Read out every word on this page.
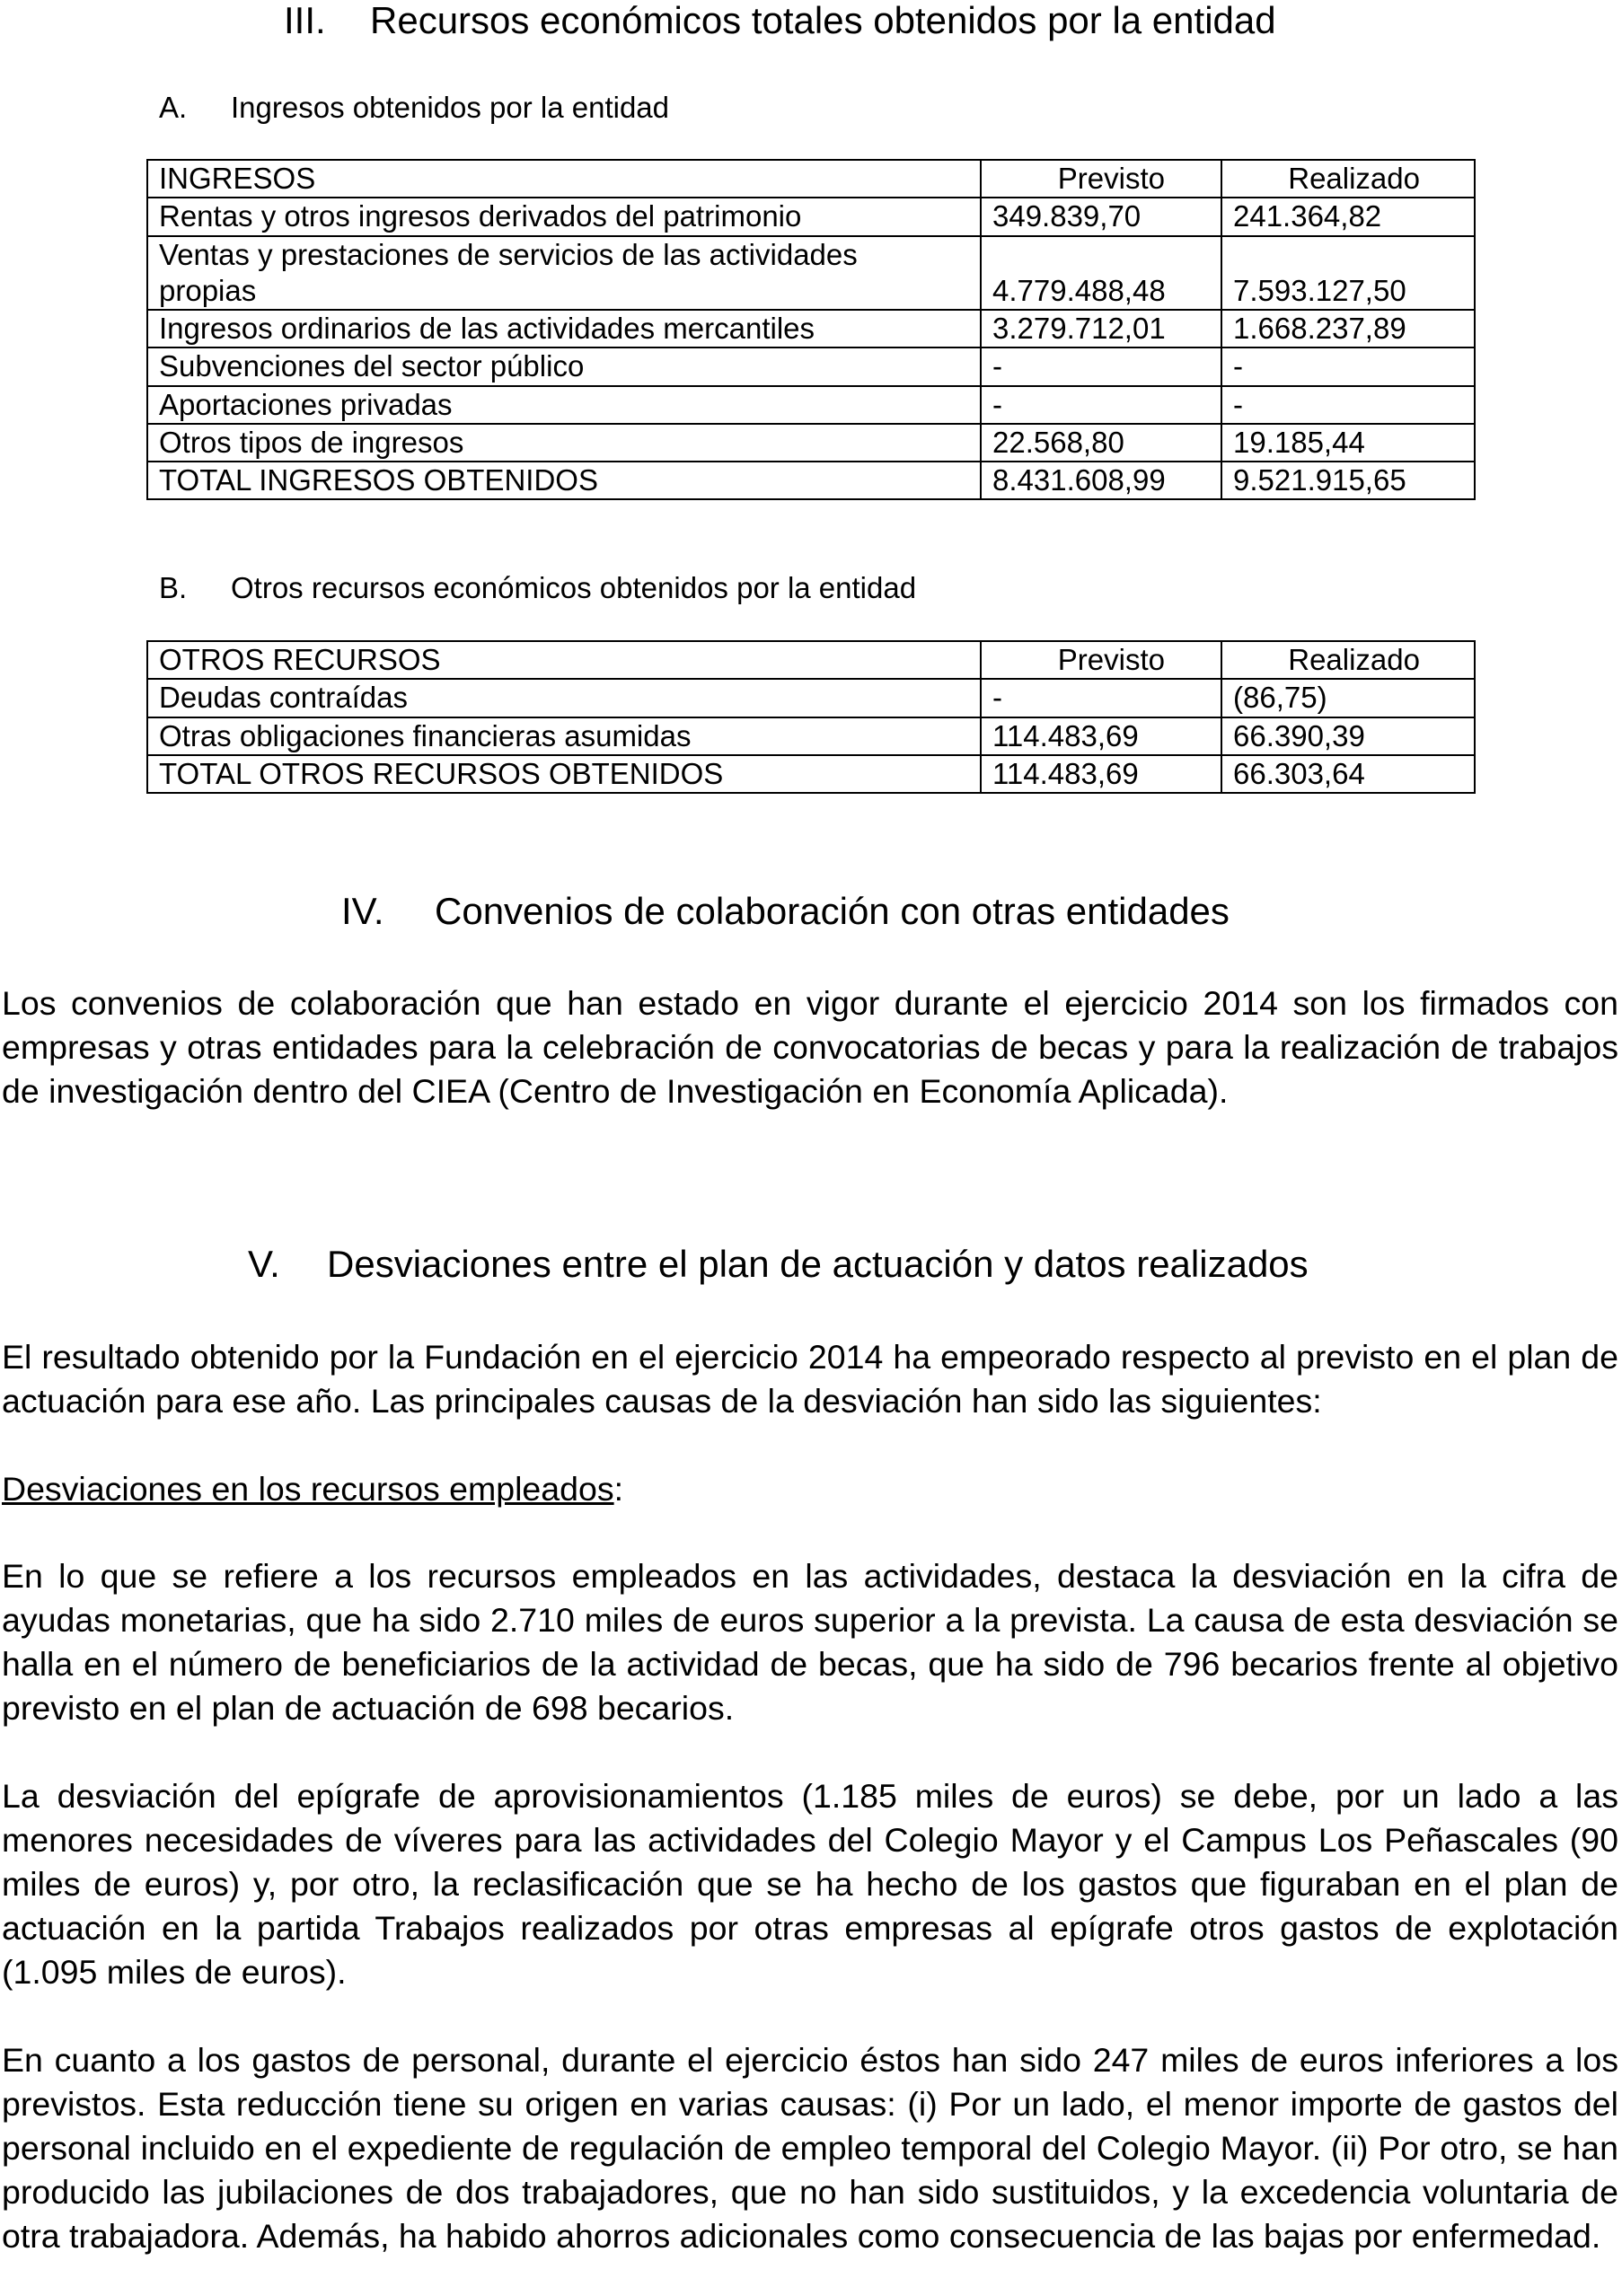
III. Recursos económicos totales obtenidos por la entidad
A. Ingresos obtenidos por la entidad
INGRESOS	Previsto	Realizado
Rentas y otros ingresos derivados del patrimonio	349.839,70	241.364,82
Ventas y prestaciones de servicios de las actividades propias	4.779.488,48	7.593.127,50
Ingresos ordinarios de las actividades mercantiles	3.279.712,01	1.668.237,89
Subvenciones del sector público	-	-
Aportaciones privadas	-	-
Otros tipos de ingresos	22.568,80	19.185,44
TOTAL INGRESOS OBTENIDOS	8.431.608,99	9.521.915,65
B. Otros recursos económicos obtenidos por la entidad
OTROS RECURSOS	Previsto	Realizado
Deudas contraídas	-	(86,75)
Otras obligaciones financieras asumidas	114.483,69	66.390,39
TOTAL OTROS RECURSOS OBTENIDOS	114.483,69	66.303,64
IV. Convenios de colaboración con otras entidades
Los convenios de colaboración que han estado en vigor durante el ejercicio 2014 son los firmados con empresas y otras entidades para la celebración de convocatorias de becas y para la realización de trabajos de investigación dentro del CIEA (Centro de Investigación en Economía Aplicada).
V. Desviaciones entre el plan de actuación y datos realizados
El resultado obtenido por la Fundación en el ejercicio 2014 ha empeorado respecto al previsto en el plan de actuación para ese año. Las principales causas de la desviación han sido las siguientes:
Desviaciones en los recursos empleados:
En lo que se refiere a los recursos empleados en las actividades, destaca la desviación en la cifra de ayudas monetarias, que ha sido 2.710 miles de euros superior a la prevista. La causa de esta desviación se halla en el número de beneficiarios de la actividad de becas, que ha sido de 796 becarios frente al objetivo previsto en el plan de actuación de 698 becarios.
La desviación del epígrafe de aprovisionamientos (1.185 miles de euros) se debe, por un lado a las menores necesidades de víveres para las actividades del Colegio Mayor y el Campus Los Peñascales (90 miles de euros) y, por otro, la reclasificación que se ha hecho de los gastos que figuraban en el plan de actuación en la partida Trabajos realizados por otras empresas al epígrafe otros gastos de explotación (1.095 miles de euros).
En cuanto a los gastos de personal, durante el ejercicio éstos han sido 247 miles de euros inferiores a los previstos. Esta reducción tiene su origen en varias causas: (i) Por un lado, el menor importe de gastos del personal incluido en el expediente de regulación de empleo temporal del Colegio Mayor. (ii) Por otro, se han producido las jubilaciones de dos trabajadores, que no han sido sustituidos, y la excedencia voluntaria de otra trabajadora. Además, ha habido ahorros adicionales como consecuencia de las bajas por enfermedad.
